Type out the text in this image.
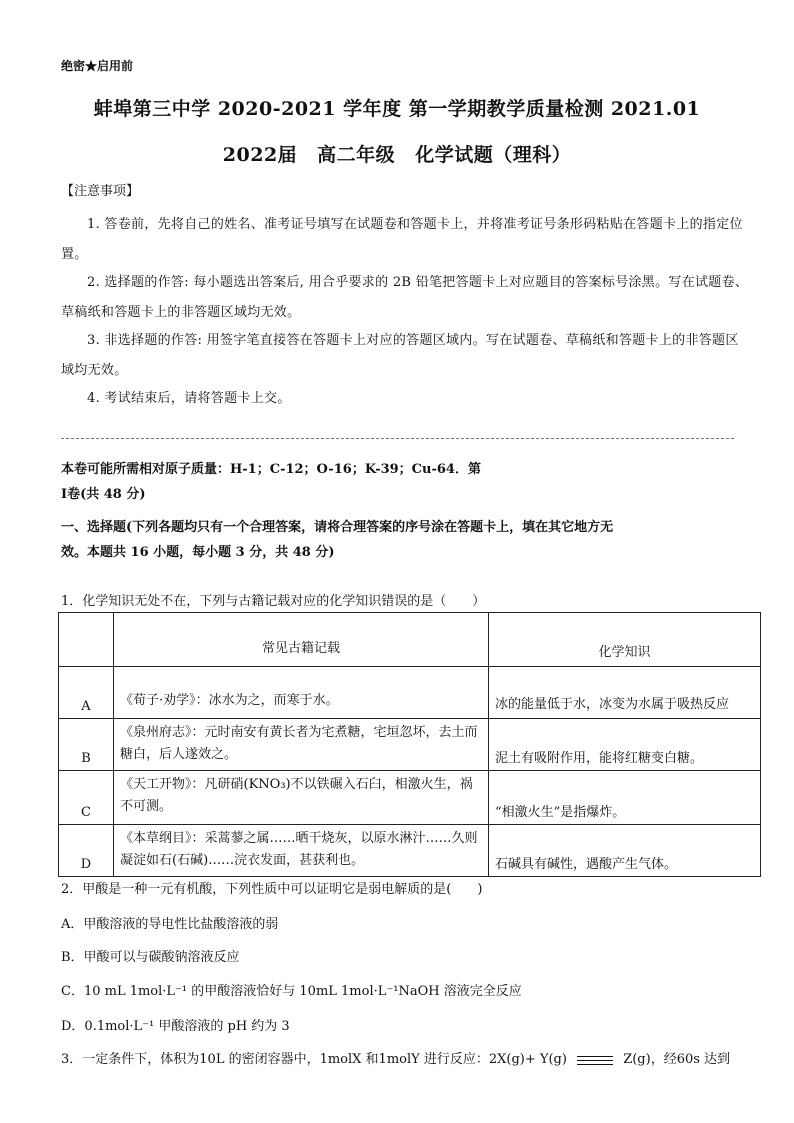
绝密★启用前
蚌埠第三中学 2020-2021 学年度 第一学期教学质量检测 2021.01
2022届 高二年级 化学试题（理科）
【注意事项】
1. 答卷前，先将自己的姓名、准考证号填写在试题卷和答题卡上，并将准考证号条形码粘贴在答题卡上的指定位置。
2. 选择题的作答: 每小题选出答案后, 用合乎要求的 2B 铅笔把答题卡上对应题目的答案标号涂黑。写在试题卷、草稿纸和答题卡上的非答题区域均无效。
3. 非选择题的作答: 用签字笔直接答在答题卡上对应的答题区域内。写在试题卷、草稿纸和答题卡上的非答题区域均无效。
4. 考试结束后，请将答题卡上交。
本卷可能所需相对原子质量：H-1；C-12；O-16；K-39；Cu-64．第
Ⅰ卷(共 48 分)
一、选择题(下列各题均只有一个合理答案，请将合理答案的序号涂在答题卡上，填在其它地方无
效。本题共 16 小题，每小题 3 分，共 48 分)
1．化学知识无处不在，下列与古籍记载对应的化学知识错误的是（　　）
	常见古籍记载	化学知识
A	《荀子·劝学》：冰水为之，而寒于水。	冰的能量低于水，冰变为水属于吸热反应
B	《泉州府志》：元时南安有黄长者为宅煮糖，宅垣忽坏，去土而糖白，后人遂效之。	泥土有吸附作用，能将红糖变白糖。
C	《天工开物》：凡研硝(KNO₃)不以铁碾入石臼，相激火生，祸不可测。	“相激火生”是指爆炸。
D	《本草纲目》：采蒿蓼之属……晒干烧灰，以原水淋汁……久则凝淀如石(石碱)……浣衣发面，甚获利也。	石碱具有碱性，遇酸产生气体。
2．甲酸是一种一元有机酸，下列性质中可以证明它是弱电解质的是(　　)
A．甲酸溶液的导电性比盐酸溶液的弱
B．甲酸可以与碳酸钠溶液反应
C．10 mL 1mol·L⁻¹ 的甲酸溶液恰好与 10mL 1mol·L⁻¹NaOH 溶液完全反应
D．0.1mol·L⁻¹ 甲酸溶液的 pH 约为 3
3．一定条件下，体积为10L 的密闭容器中，1molX 和1molY 进行反应：2X(g)+ Y(g)	Z(g)，经60s 达到
